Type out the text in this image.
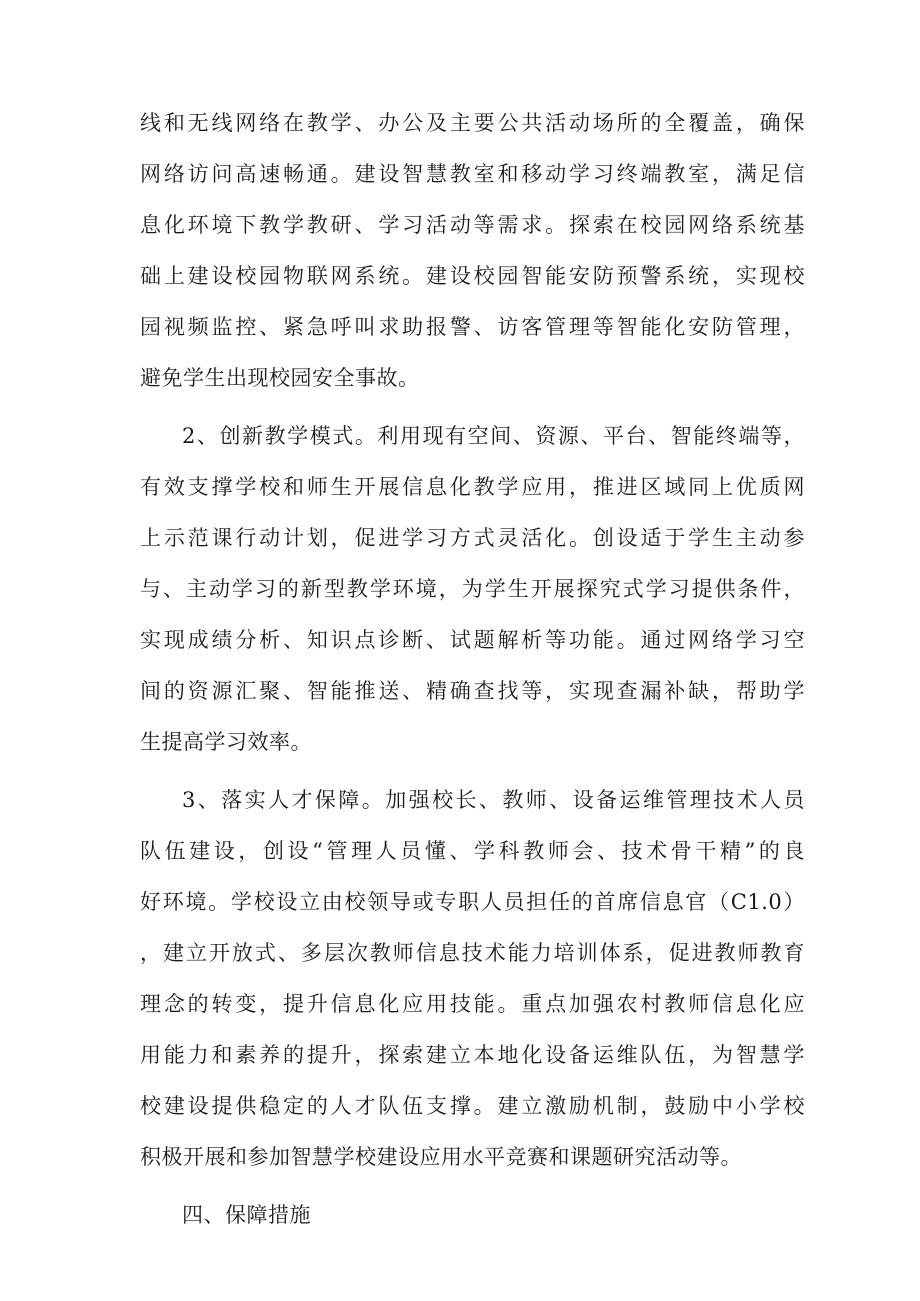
线和无线网络在教学、办公及主要公共活动场所的全覆盖，确保
网络访问高速畅通。建设智慧教室和移动学习终端教室，满足信
息化环境下教学教研、学习活动等需求。探索在校园网络系统基
础上建设校园物联网系统。建设校园智能安防预警系统，实现校
园视频监控、紧急呼叫求助报警、访客管理等智能化安防管理，
避免学生出现校园安全事故。
2、创新教学模式。利用现有空间、资源、平台、智能终端等，
有效支撑学校和师生开展信息化教学应用，推进区域同上优质网
上示范课行动计划，促进学习方式灵活化。创设适于学生主动参
与、主动学习的新型教学环境，为学生开展探究式学习提供条件，
实现成绩分析、知识点诊断、试题解析等功能。通过网络学习空
间的资源汇聚、智能推送、精确查找等，实现查漏补缺，帮助学
生提高学习效率。
3、落实人才保障。加强校长、教师、设备运维管理技术人员
队伍建设，创设“管理人员懂、学科教师会、技术骨干精”的良
好环境。学校设立由校领导或专职人员担任的首席信息官（C1.0）
，建立开放式、多层次教师信息技术能力培训体系，促进教师教育
理念的转变，提升信息化应用技能。重点加强农村教师信息化应
用能力和素养的提升，探索建立本地化设备运维队伍，为智慧学
校建设提供稳定的人才队伍支撑。建立激励机制，鼓励中小学校
积极开展和参加智慧学校建设应用水平竞赛和课题研究活动等。
四、保障措施
